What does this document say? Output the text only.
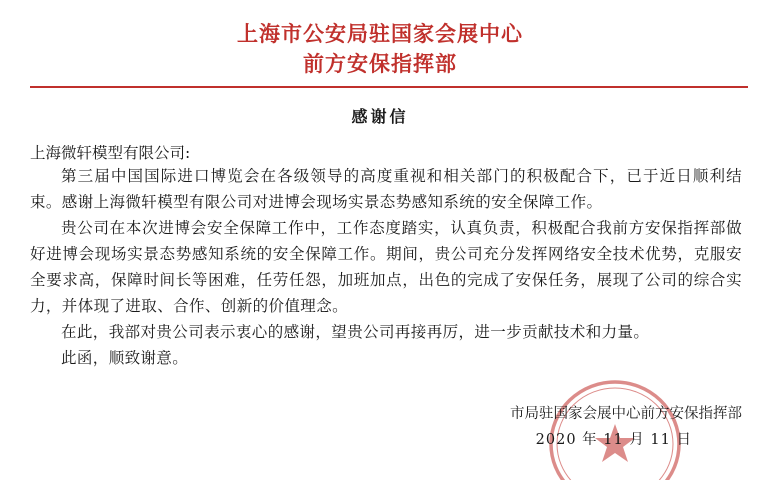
上海市公安局驻国家会展中心
前方安保指挥部
感谢信
上海微轩模型有限公司:

第三届中国国际进口博览会在各级领导的高度重视和相关部门的积极配合下，已于近日顺利结束。感谢上海微轩模型有限公司对进博会现场实景态势感知系统的安全保障工作。

贵公司在本次进博会安全保障工作中，工作态度踏实，认真负责，积极配合我前方安保指挥部做好进博会现场实景态势感知系统的安全保障工作。期间，贵公司充分发挥网络安全技术优势，克服安全要求高，保障时间长等困难，任劳任怨，加班加点，出色的完成了安保任务，展现了公司的综合实力，并体现了进取、合作、创新的价值理念。

在此，我部对贵公司表示衷心的感谢，望贵公司再接再厉，进一步贡献技术和力量。

此函，顺致谢意。

市局驻国家会展中心前方安保指挥部
2020 年 11 月 11 日
